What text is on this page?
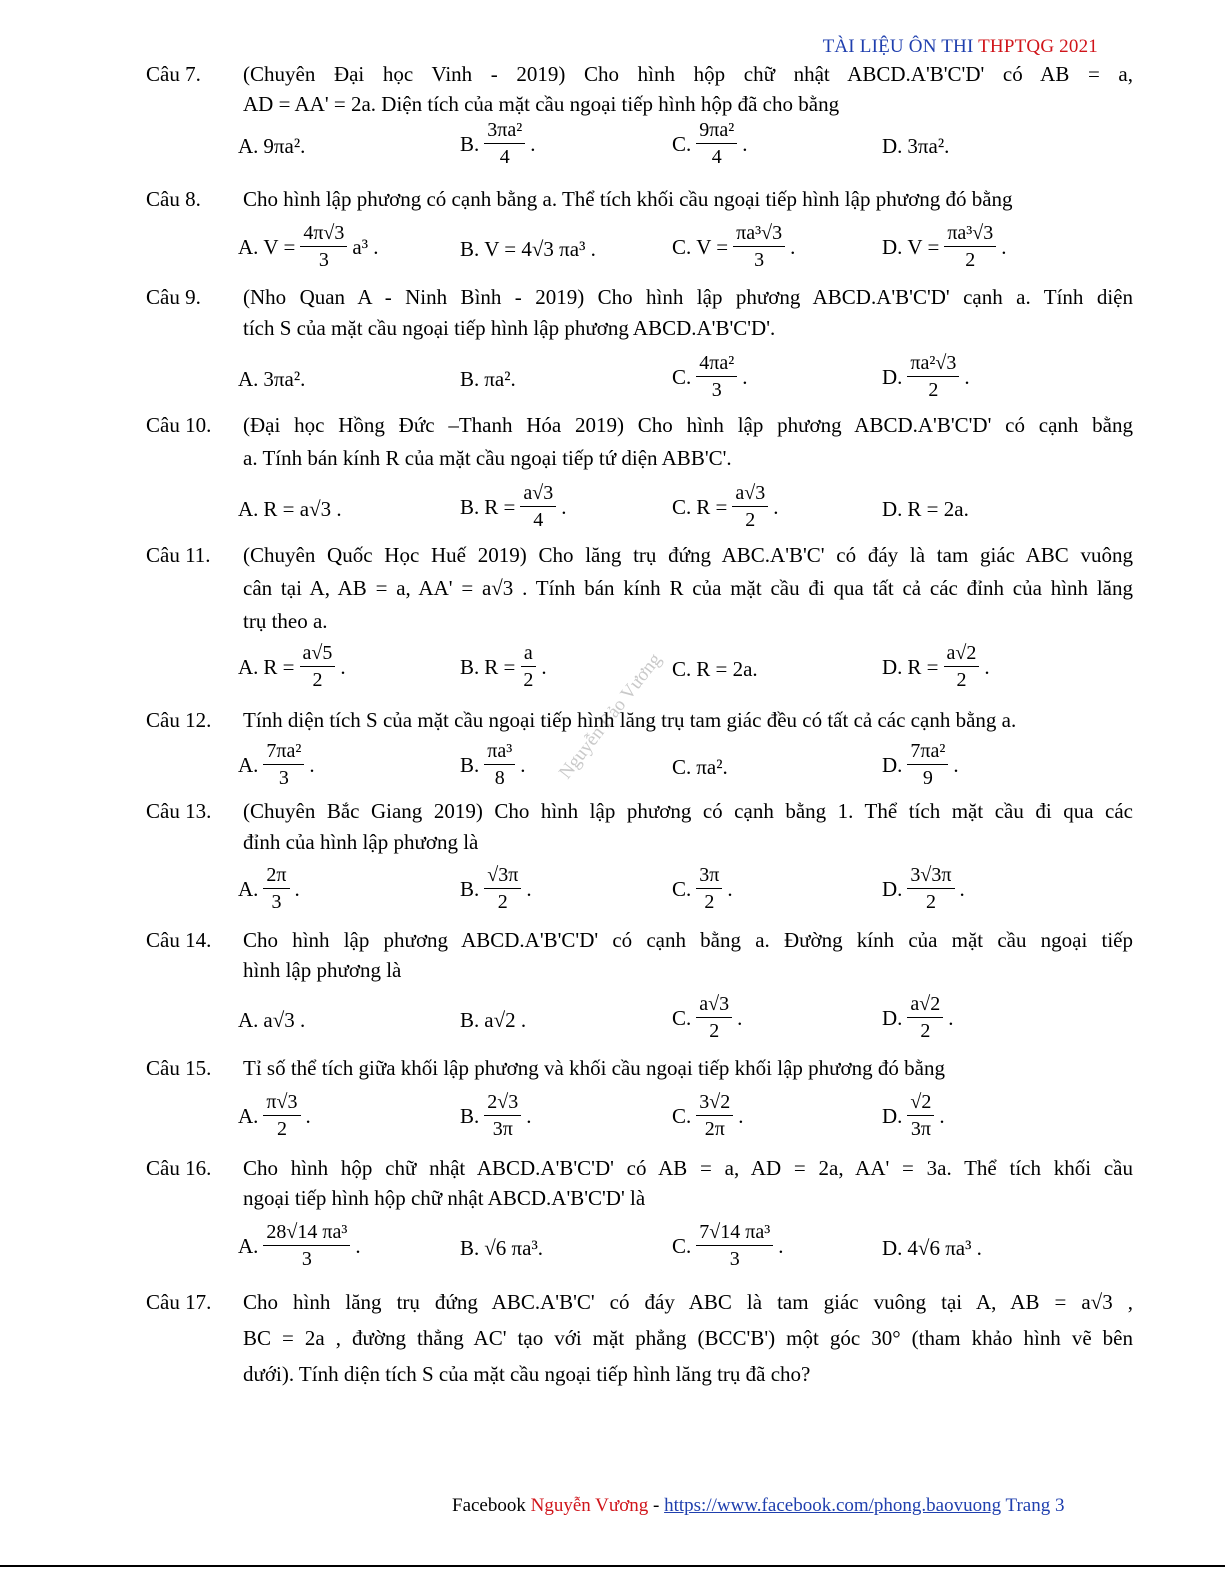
TÀI LIỆU ÔN THI THPTQG 2021
Nguyễn Bảo Vương
Câu 7. (Chuyên Đại học Vinh - 2019) Cho hình hộp chữ nhật ABCD.A'B'C'D' có AB = a,
AD = AA' = 2a. Diện tích của mặt cầu ngoại tiếp hình hộp đã cho bằng
A. 9πa².	B. $\frac{\text{3πa²}}{4}$ .	C. $\frac{\text{9πa²}}{4}$ .	D. 3πa².
Câu 8. Cho hình lập phương có cạnh bằng a. Thể tích khối cầu ngoại tiếp hình lập phương đó bằng
A. $V = \frac{4\pi√3}{3} a^3$ .	B. V = 4√3 πa³ .	C. $V = \frac{\text{πa³√3}}{3}$ .	D. $V = \frac{\text{πa³√3}}{2}$ .
Câu 9. (Nho Quan A - Ninh Bình - 2019) Cho hình lập phương ABCD.A'B'C'D' cạnh a. Tính diện
tích S của mặt cầu ngoại tiếp hình lập phương ABCD.A'B'C'D'.
A. 3πa².	B. πa².	C. $\frac{\text{4πa²}}{3}$ .	D. $\frac{\text{πa²√3}}{2}$ .
Câu 10. (Đại học Hồng Đức –Thanh Hóa 2019) Cho hình lập phương ABCD.A'B'C'D' có cạnh bằng
a. Tính bán kính R của mặt cầu ngoại tiếp tứ diện ABB'C'.
A. R = a√3 .	B. $R = \frac{a√3}{4}$ .	C. $R = \frac{a√3}{2}$ .	D. R = 2a.
Câu 11. (Chuyên Quốc Học Huế 2019) Cho lăng trụ đứng ABC.A'B'C' có đáy là tam giác ABC vuông
cân tại A, AB = a, AA' = a√3 . Tính bán kính R của mặt cầu đi qua tất cả các đỉnh của hình lăng
trụ theo a.
A. $R = \frac{a√5}{2}$ .	B. $R = \frac{a}{2}$ .	C. R = 2a.	D. $R = \frac{a√2}{2}$ .
Câu 12. Tính diện tích S của mặt cầu ngoại tiếp hình lăng trụ tam giác đều có tất cả các cạnh bằng a.
A. $\frac{\text{7πa²}}{3}$ .	B. $\frac{\text{πa³}}{8}$ .	C. πa².	D. $\frac{\text{7πa²}}{9}$ .
Câu 13. (Chuyên Bắc Giang 2019) Cho hình lập phương có cạnh bằng 1. Thể tích mặt cầu đi qua các
đỉnh của hình lập phương là
A. $\frac{2\pi}{3}$ .	B. $\frac{√3\pi}{2}$ .	C. $\frac{3\pi}{2}$ .	D. $\frac{3√3\pi}{2}$ .
Câu 14. Cho hình lập phương ABCD.A'B'C'D' có cạnh bằng a. Đường kính của mặt cầu ngoại tiếp
hình lập phương là
A. a√3 .	B. a√2 .	C. $\frac{a√3}{2}$ .	D. $\frac{a√2}{2}$ .
Câu 15. Tỉ số thể tích giữa khối lập phương và khối cầu ngoại tiếp khối lập phương đó bằng
A. $\frac{\pi√3}{2}$ .	B. $\frac{2√3}{3\pi}$ .	C. $\frac{3√2}{2\pi}$ .	D. $\frac{√2}{3\pi}$ .
Câu 16. Cho hình hộp chữ nhật ABCD.A'B'C'D' có AB = a, AD = 2a, AA' = 3a. Thể tích khối cầu
ngoại tiếp hình hộp chữ nhật ABCD.A'B'C'D' là
A. $\frac{\text{28√14 πa³}}{3}$ .	B. √6 πa³.	C. $\frac{\text{7√14 πa³}}{3}$ .	D. 4√6 πa³ .
Câu 17. Cho hình lăng trụ đứng ABC.A'B'C' có đáy ABC là tam giác vuông tại A, AB = a√3 ,
BC = 2a , đường thẳng AC' tạo với mặt phẳng (BCC'B') một góc 30° (tham khảo hình vẽ bên
dưới). Tính diện tích S của mặt cầu ngoại tiếp hình lăng trụ đã cho?
Facebook Nguyễn Vương - https://www.facebook.com/phong.baovuong Trang 3
